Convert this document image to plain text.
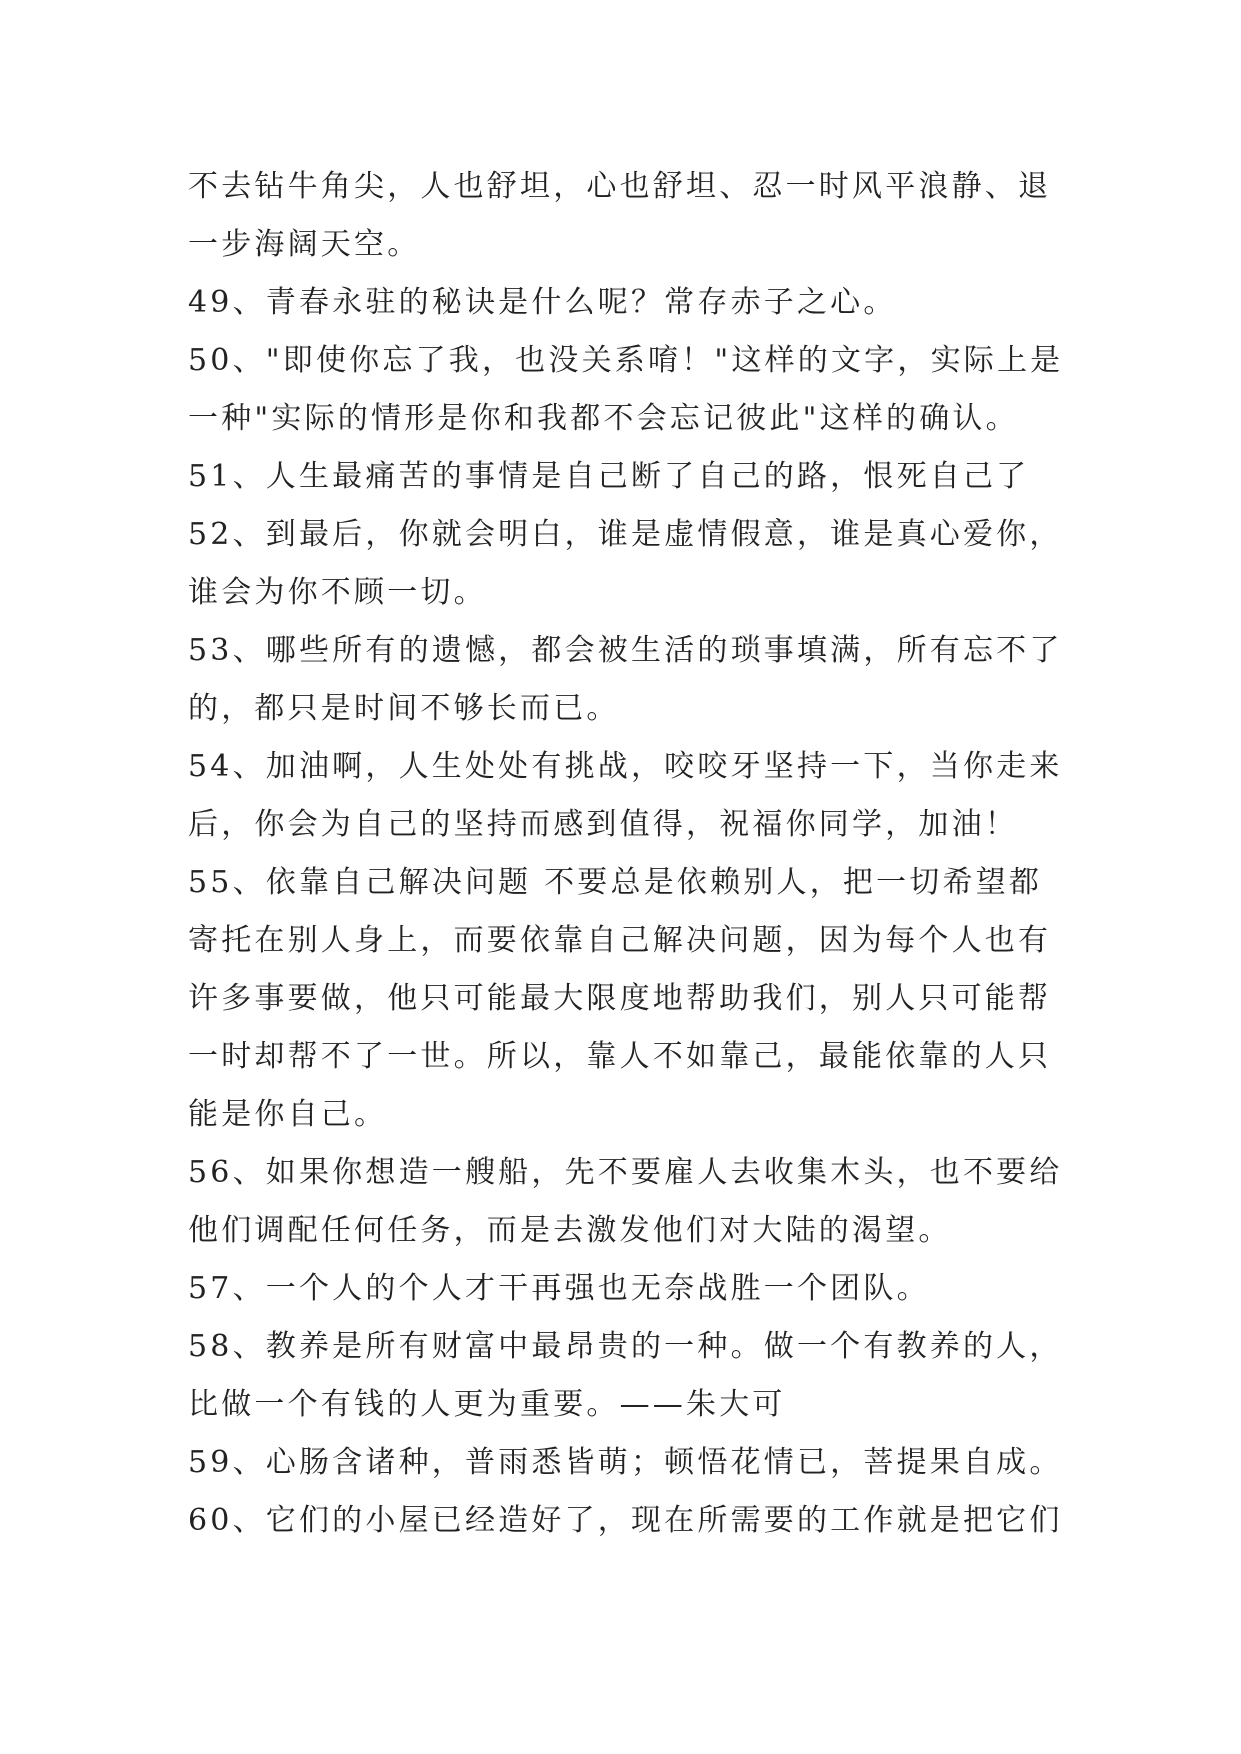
不去钻牛角尖，人也舒坦，心也舒坦、忍一时风平浪静、退
一步海阔天空。
49、青春永驻的秘诀是什么呢？常存赤子之心。
50、"即使你忘了我，也没关系唷！"这样的文字，实际上是
一种"实际的情形是你和我都不会忘记彼此"这样的确认。
51、人生最痛苦的事情是自己断了自己的路，恨死自己了
52、到最后，你就会明白，谁是虚情假意，谁是真心爱你，
谁会为你不顾一切。
53、哪些所有的遗憾，都会被生活的琐事填满，所有忘不了
的，都只是时间不够长而已。
54、加油啊，人生处处有挑战，咬咬牙坚持一下，当你走来
后，你会为自己的坚持而感到值得，祝福你同学，加油！
55、依靠自己解决问题 不要总是依赖别人，把一切希望都
寄托在别人身上，而要依靠自己解决问题，因为每个人也有
许多事要做，他只可能最大限度地帮助我们，别人只可能帮
一时却帮不了一世。所以，靠人不如靠己，最能依靠的人只
能是你自己。
56、如果你想造一艘船，先不要雇人去收集木头，也不要给
他们调配任何任务，而是去激发他们对大陆的渴望。
57、一个人的个人才干再强也无奈战胜一个团队。
58、教养是所有财富中最昂贵的一种。做一个有教养的人，
比做一个有钱的人更为重要。——朱大可
59、心肠含诸种，普雨悉皆萌；顿悟花情已，菩提果自成。
60、它们的小屋已经造好了，现在所需要的工作就是把它们
